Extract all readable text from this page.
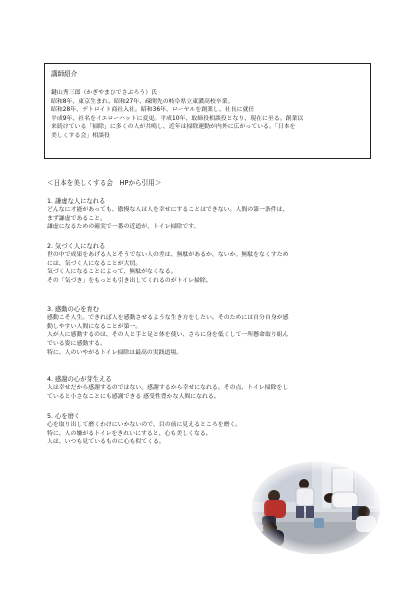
講師紹介

鍵山秀三郎（かぎやまひでさぶろう）氏

昭和8年、東京生まれ。昭和27年、疎開先の岐阜県立東濃高校卒業。

昭和28年、デトロイト商社入社。昭和36年、ローヤルを創業し、社長に就任

平成9年、社名をイエローハットに変更。平成10年、取締役相談役となり、現在に至る。創業以

来続けている「掃除」に多くの人が共鳴し、近年は掃除運動が内外に広がっている。「日本を

美しくする会」相談役

＜日本を美しくする会　HPから引用＞

1. 謙虚な人になれる

どんなに才能があっても、傲慢な人は人を幸せにすることはできない。人間の第一条件は、

まず謙虚であること。

謙虚になるための確実で一番の近道が、トイレ掃除です。

2. 気づく人になれる

世の中で成果をあげる人とそうでない人の差は、無駄があるか、ないか。無駄をなくすため

には、気づく人になることが大切。

気づく人になることによって、無駄がなくなる。

その「気づき」をもっとも引き出してくれるのがトイレ掃除。

3. 感動の心を育む

感動こそ人生。できれば人を感動させるような生き方をしたい。そのためには自分自身が感

動しやすい人間になることが第一。

人が人に感動するのは、その人と手と足と体を使い、さらに身を低くして一所懸命取り組ん

でいる姿に感動する。

特に、人のいやがるトイレ掃除は最高の実践道場。

4. 感謝の心が芽生える

人は幸せだから感謝するのではない。感謝するから幸せになれる。その点、トイレ掃除をし

ていると小さなことにも感謝できる 感受性豊かな人間になれる。

5. 心を磨く

心を取り出して磨くわけにいかないので、目の前に見えるところを磨く。

特に、人の嫌がるトイレをきれいにすると、心も美しくなる。

人は、いつも見ているものに心も似てくる。
